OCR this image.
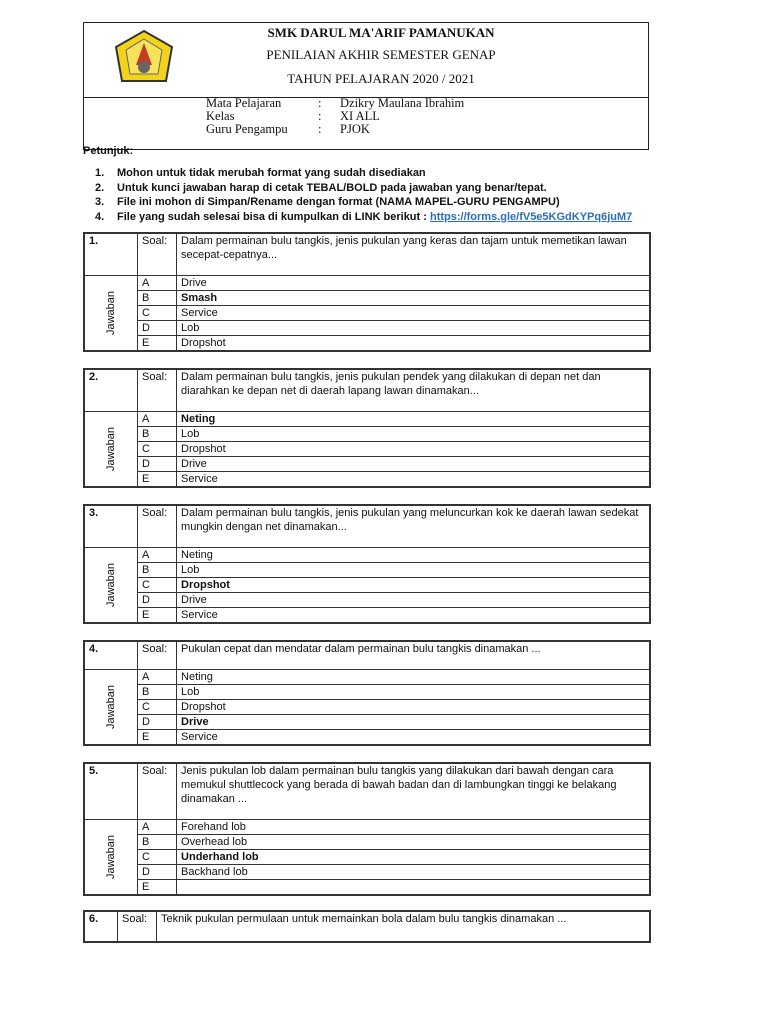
SMK DARUL MA'ARIF PAMANUKAN
PENILAIAN AKHIR SEMESTER GENAP
TAHUN PELAJARAN 2020 / 2021
Mata Pelajaran	:	Dzikry Maulana Ibrahim
Kelas	:	XI ALL
Guru Pengampu	:	PJOK
Petunjuk:
1.	Mohon untuk tidak merubah format yang sudah disediakan
2.	Untuk kunci jawaban harap di cetak TEBAL/BOLD pada jawaban yang benar/tepat.
3.	File ini mohon di Simpan/Rename dengan format (NAMA MAPEL-GURU PENGAMPU)
4.	File yang sudah selesai bisa di kumpulkan di LINK berikut : https://forms.gle/fV5e5KGdKYPq6juM7
1.	Soal:	Dalam permainan bulu tangkis, jenis pukulan yang keras dan tajam untuk memetikan lawan secepat-cepatnya...

Jawaban	A	Drive
	B	Smash
	C	Service
	D	Lob
	E	Dropshot
2.	Soal:	Dalam permainan bulu tangkis, jenis pukulan pendek yang dilakukan di depan net dan diarahkan ke depan net di daerah lapang lawan dinamakan...

Jawaban	A	Neting
	B	Lob
	C	Dropshot
	D	Drive
	E	Service
3.	Soal:	Dalam permainan bulu tangkis, jenis pukulan yang meluncurkan kok ke daerah lawan sedekat mungkin dengan net dinamakan...

Jawaban	A	Neting
	B	Lob
	C	Dropshot
	D	Drive
	E	Service
4.	Soal:	Pukulan cepat dan mendatar dalam permainan bulu tangkis dinamakan ...

Jawaban	A	Neting
	B	Lob
	C	Dropshot
	D	Drive
	E	Service
5.	Soal:	Jenis pukulan lob dalam permainan bulu tangkis yang dilakukan dari bawah dengan cara memukul shuttlecock yang berada di bawah badan dan di lambungkan tinggi ke belakang dinamakan ...

Jawaban	A	Forehand lob
	B	Overhead lob
	C	Underhand lob
	D	Backhand lob
	E	
6.	Soal:	Teknik pukulan permulaan untuk memainkan bola dalam bulu tangkis dinamakan ...
